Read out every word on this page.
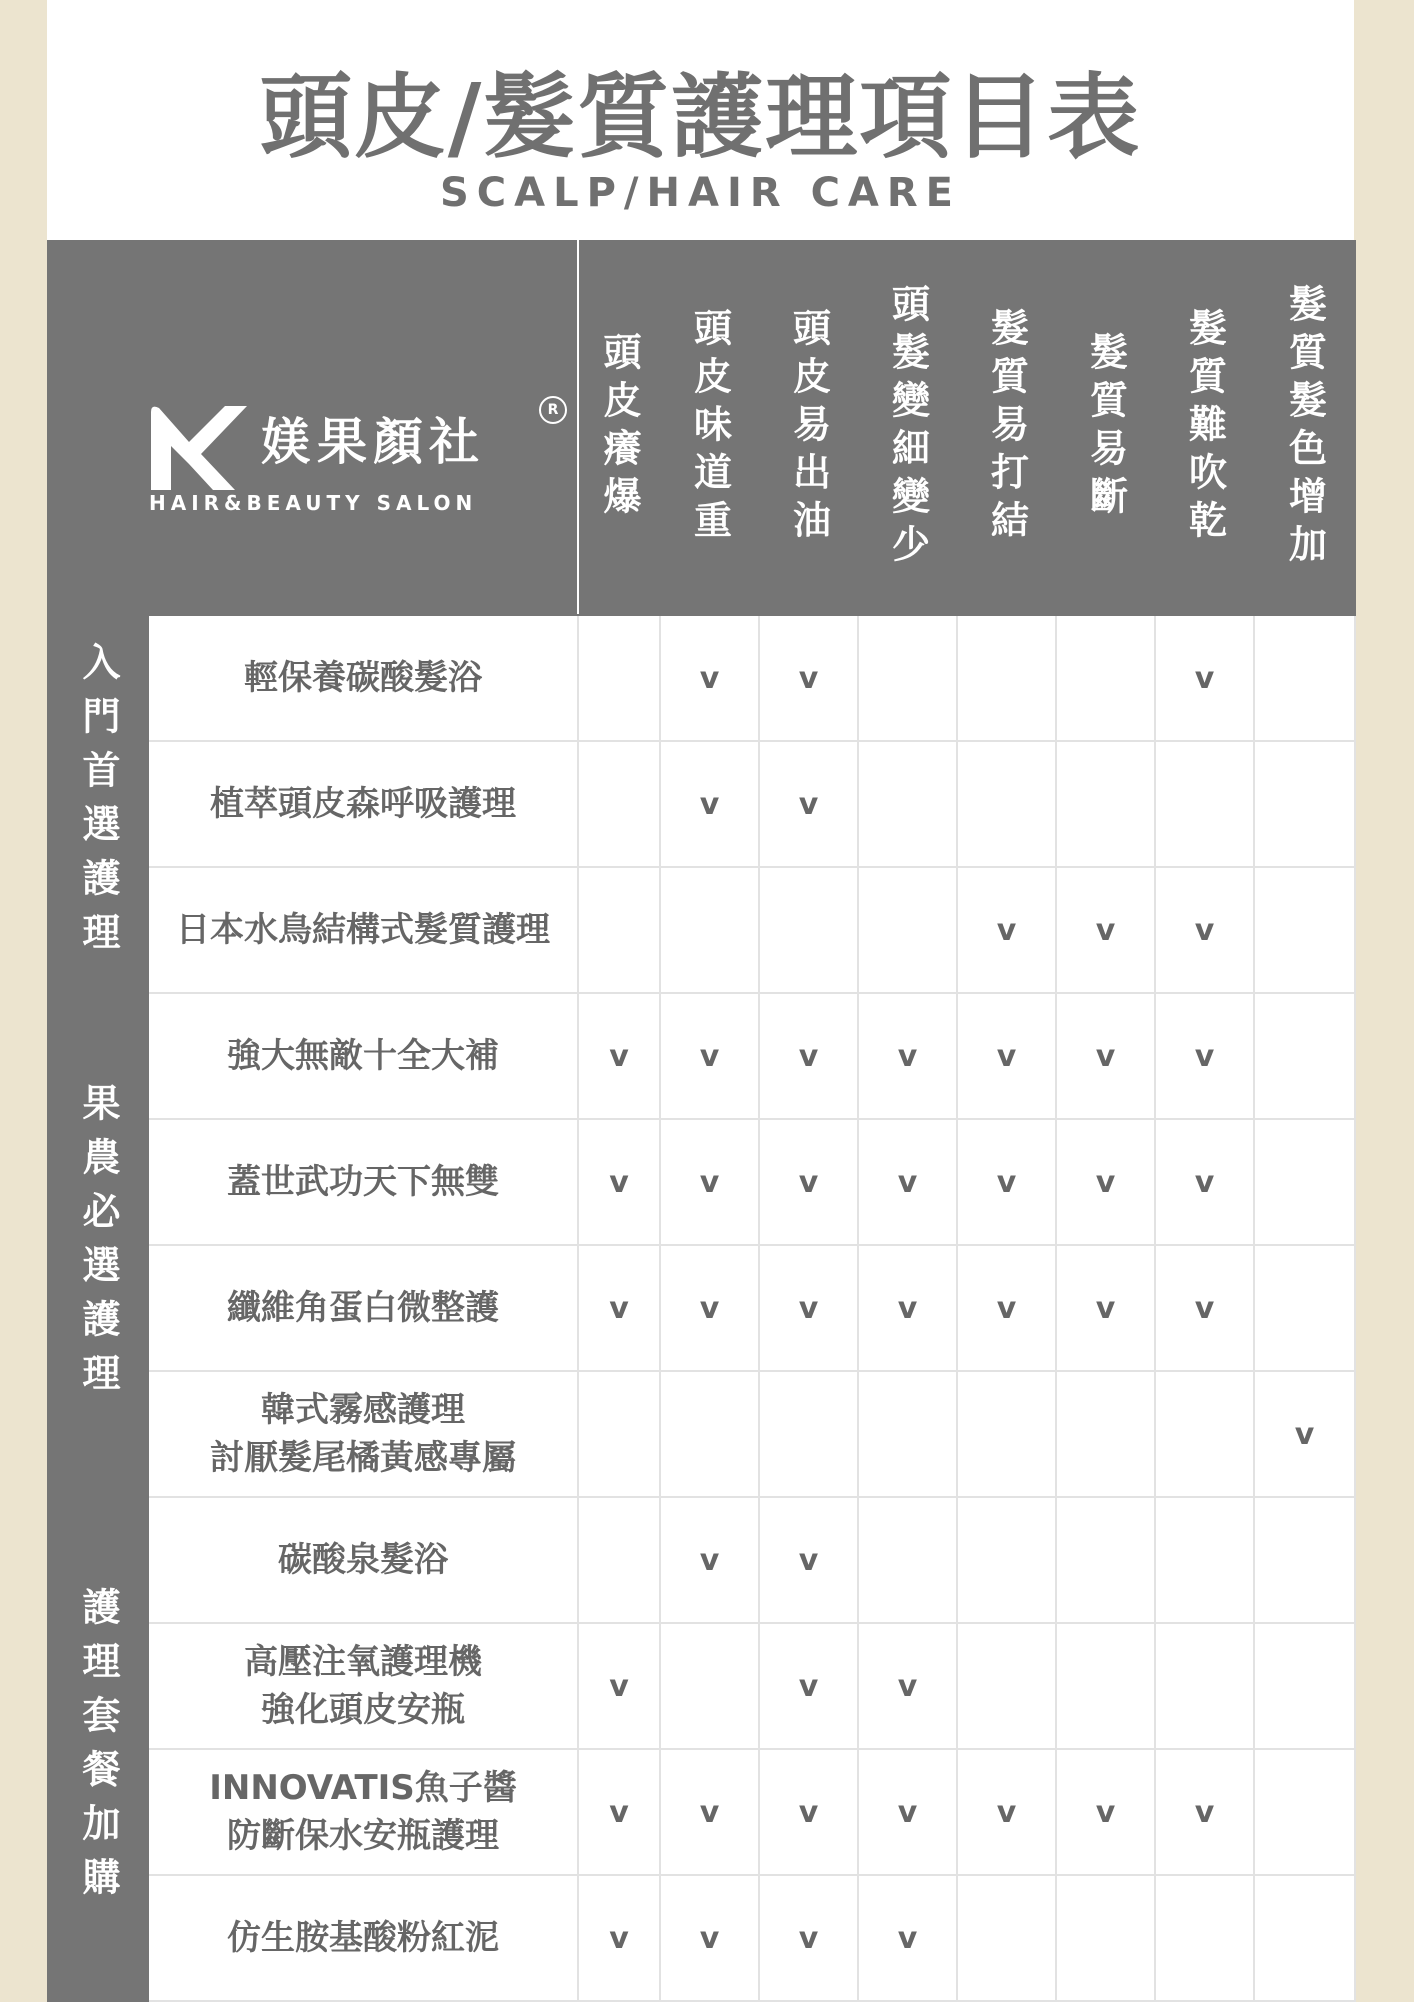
頭皮/髮質護理項目表
SCALP/HAIR CARE
媄果顏社
R
HAIR&BEAUTY SALON		頭皮癢爆	頭皮味道重	頭皮易出油	頭髮變細變少	髮質易打結	髮質易斷	髮質難吹乾	髮質髮色增加

入門首選護理	輕保養碳酸髮浴		v	v				v	
	植萃頭皮森呼吸護理		v	v					
	日本水鳥結構式髮質護理					v	v	v	

果農必選護理	強大無敵十全大補	v	v	v	v	v	v	v	
	蓋世武功天下無雙	v	v	v	v	v	v	v	
	纖維角蛋白微整護	v	v	v	v	v	v	v	
	韓式霧感護理
討厭髮尾橘黃感專屬								v

護理套餐加購	碳酸泉髮浴		v	v					
	高壓注氧護理機
強化頭皮安瓶	v		v	v				
	INNOVATIS魚子醬
防斷保水安瓶護理	v	v	v	v	v	v	v	
	仿生胺基酸粉紅泥	v	v	v	v				
